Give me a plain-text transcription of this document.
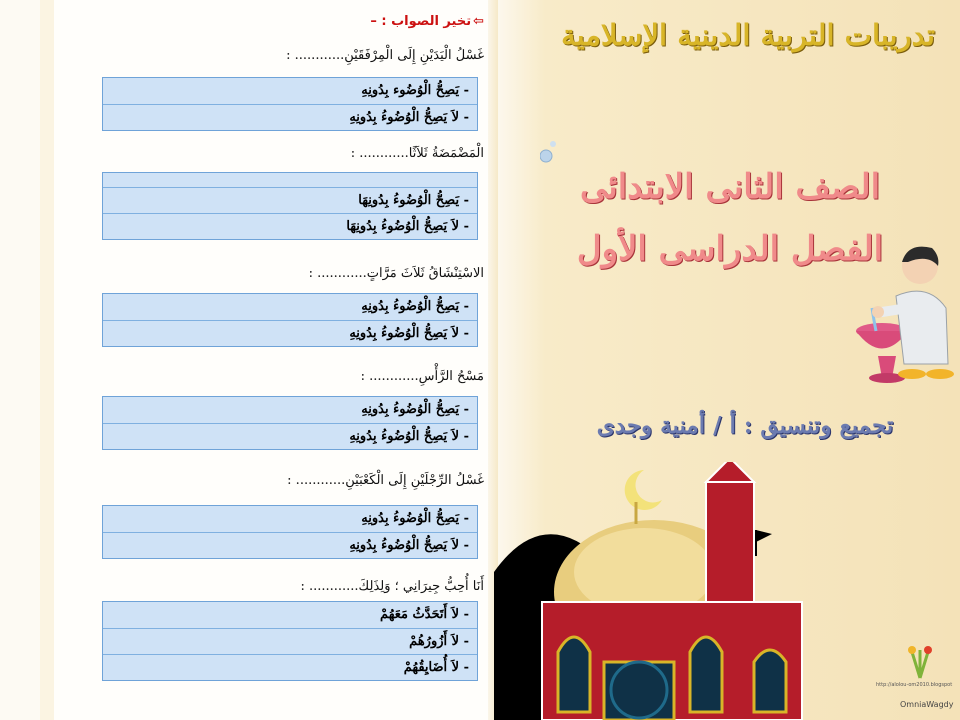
⇦تخير الصواب : –
غَسْلُ الْيَدَيْنِ إِلَى الْمِرْفَقَيْنِ............ :
- يَصِحُّ الْوُضُوء بِدُونِهِ
- لاَ يَصِحُّ الْوُضُوءُ بِدُونِهِ
الْمَضْمَضَةُ ثَلاَثًا............ :
- يَصِحُّ الْوُضُوءُ بِدُونِهَا
- لاَ يَصِحُّ الْوُضُوءُ بِدُونِهَا
الاسْتِنْشَاقُ ثَلاَثَ مَرَّاتٍ............ :
- يَصِحُّ الْوُضُوءُ بِدُونِهِ
- لاَ يَصِحُّ الْوُضُوءُ بِدُونِهِ
مَسْحُ الرَّأْسِ............ :
- يَصِحُّ الْوُضُوءُ بِدُونِهِ
- لاَ يَصِحُّ الْوُضُوءُ بِدُونِهِ
غَسْلُ الرِّجْلَيْنِ إِلَى الْكَعْبَيْنِ............ :
- يَصِحُّ الْوُضُوءُ بِدُونِهِ
- لاَ يَصِحُّ الْوُضُوءُ بِدُونِهِ
أَنَا أُحِبُّ جِيرَانِي ؛ وَلِذَلِكَ............ :
- لاَ أَتَحَدَّثُ مَعَهُمْ
- لاَ أَزُورُهُمْ
- لاَ أُضَايِقُهُمْ
تدريبات التربية الدينية الإسلامية
الصف الثانى الابتدائى
الفصل الدراسى الأول
تجميع وتنسيق : أ / أمنية وجدى
http://alolou-om2010.blogspot
OmniaWagdy
